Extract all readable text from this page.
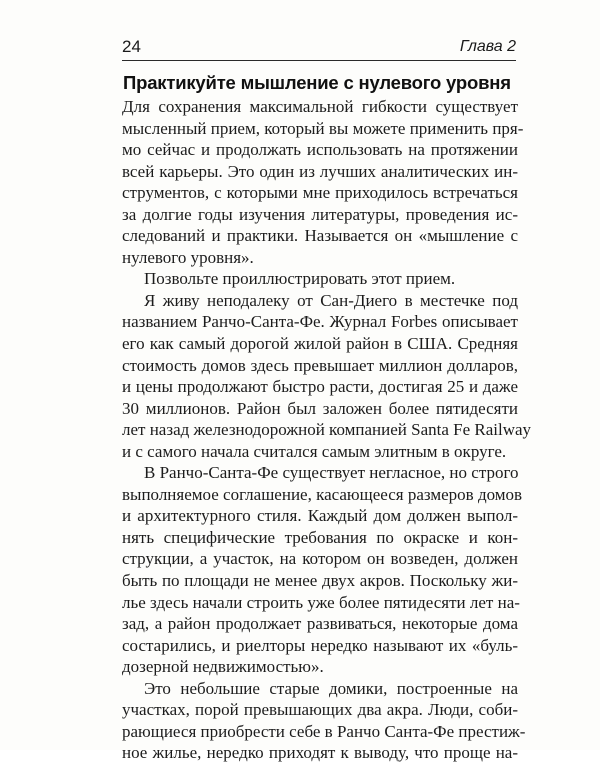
24	Глава 2
Практикуйте мышление с нулевого уровня
Для сохранения максимальной гибкости существует
мысленный прием, который вы можете применить пря-
мо сейчас и продолжать использовать на протяжении
всей карьеры. Это один из лучших аналитических ин-
струментов, с которыми мне приходилось встречаться
за долгие годы изучения литературы, проведения ис-
следований и практики. Называется он «мышление с
нулевого уровня».
Позвольте проиллюстрировать этот прием.
Я живу неподалеку от Сан-Диего в местечке под
названием Ранчо-Санта-Фе. Журнал Forbes описывает
его как самый дорогой жилой район в США. Средняя
стоимость домов здесь превышает миллион долларов,
и цены продолжают быстро расти, достигая 25 и даже
30 миллионов. Район был заложен более пятидесяти
лет назад железнодорожной компанией Santa Fe Railway
и с самого начала считался самым элитным в округе.
В Ранчо-Санта-Фе существует негласное, но строго
выполняемое соглашение, касающееся размеров домов
и архитектурного стиля. Каждый дом должен выпол-
нять специфические требования по окраске и кон-
струкции, а участок, на котором он возведен, должен
быть по площади не менее двух акров. Поскольку жи-
лье здесь начали строить уже более пятидесяти лет на-
зад, а район продолжает развиваться, некоторые дома
состарились, и риелторы нередко называют их «буль-
дозерной недвижимостью».
Это небольшие старые домики, построенные на
участках, порой превышающих два акра. Люди, соби-
рающиеся приобрести себе в Ранчо Санта-Фе престиж-
ное жилье, нередко приходят к выводу, что проще на-
